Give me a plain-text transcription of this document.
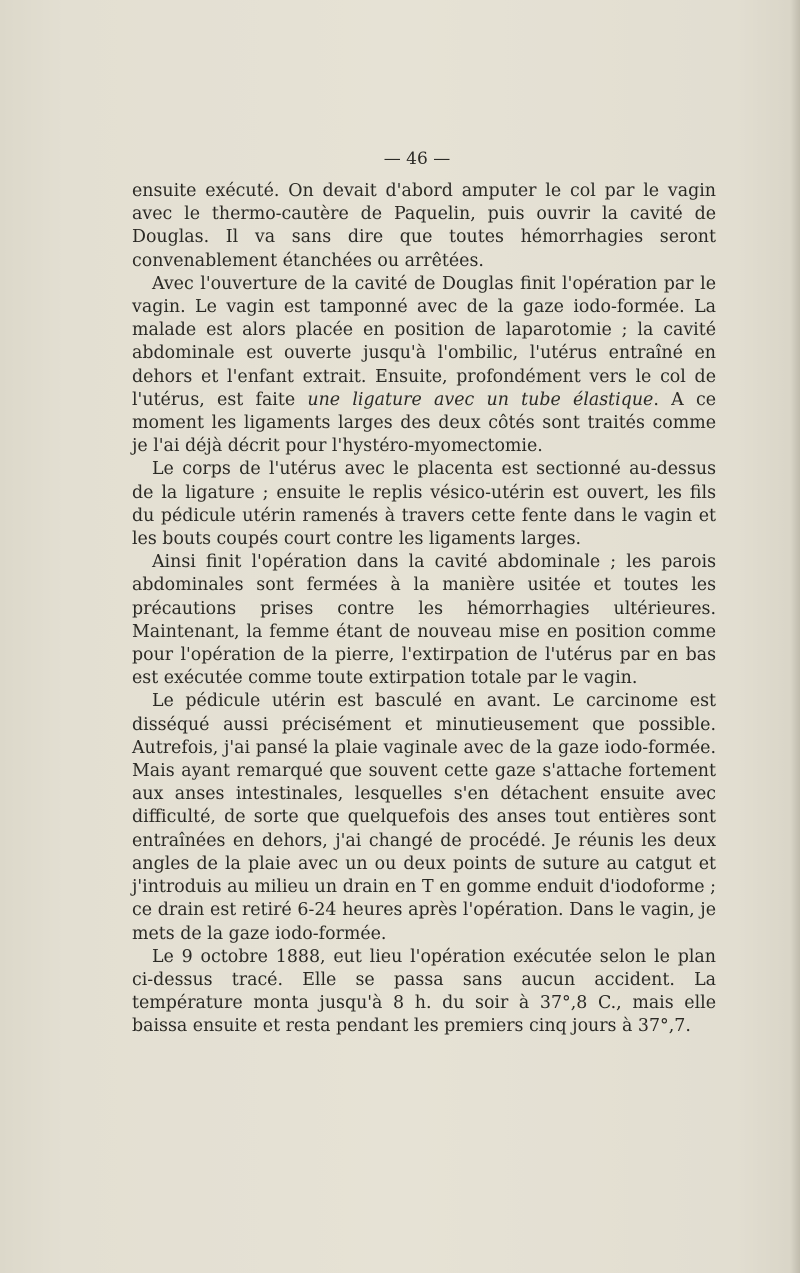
— 46 —

ensuite exécuté. On devait d'abord amputer le col par le vagin avec le thermo-cautère de Paquelin, puis ouvrir la cavité de Douglas. Il va sans dire que toutes hémorrhagies seront convenablement étanchées ou arrêtées.

Avec l'ouverture de la cavité de Douglas finit l'opération par le vagin. Le vagin est tamponné avec de la gaze iodo-formée. La malade est alors placée en position de laparotomie ; la cavité abdominale est ouverte jusqu'à l'ombilic, l'utérus entraîné en dehors et l'enfant extrait. Ensuite, profondément vers le col de l'utérus, est faite une ligature avec un tube élastique. A ce moment les ligaments larges des deux côtés sont traités comme je l'ai déjà décrit pour l'hystéro-myomectomie.

Le corps de l'utérus avec le placenta est sectionné au-dessus de la ligature ; ensuite le replis vésico-utérin est ouvert, les fils du pédicule utérin ramenés à travers cette fente dans le vagin et les bouts coupés court contre les ligaments larges.

Ainsi finit l'opération dans la cavité abdominale ; les parois abdominales sont fermées à la manière usitée et toutes les précautions prises contre les hémorrhagies ultérieures. Maintenant, la femme étant de nouveau mise en position comme pour l'opération de la pierre, l'extirpation de l'utérus par en bas est exécutée comme toute extirpation totale par le vagin.

Le pédicule utérin est basculé en avant. Le carcinome est disséqué aussi précisément et minutieusement que possible. Autrefois, j'ai pansé la plaie vaginale avec de la gaze iodo-formée. Mais ayant remarqué que souvent cette gaze s'attache fortement aux anses intestinales, lesquelles s'en détachent ensuite avec difficulté, de sorte que quelquefois des anses tout entières sont entraînées en dehors, j'ai changé de procédé. Je réunis les deux angles de la plaie avec un ou deux points de suture au catgut et j'introduis au milieu un drain en T en gomme enduit d'iodoforme ; ce drain est retiré 6-24 heures après l'opération. Dans le vagin, je mets de la gaze iodo-formée.

Le 9 octobre 1888, eut lieu l'opération exécutée selon le plan ci-dessus tracé. Elle se passa sans aucun accident. La température monta jusqu'à 8 h. du soir à 37°,8 C., mais elle baissa ensuite et resta pendant les premiers cinq jours à 37°,7.
